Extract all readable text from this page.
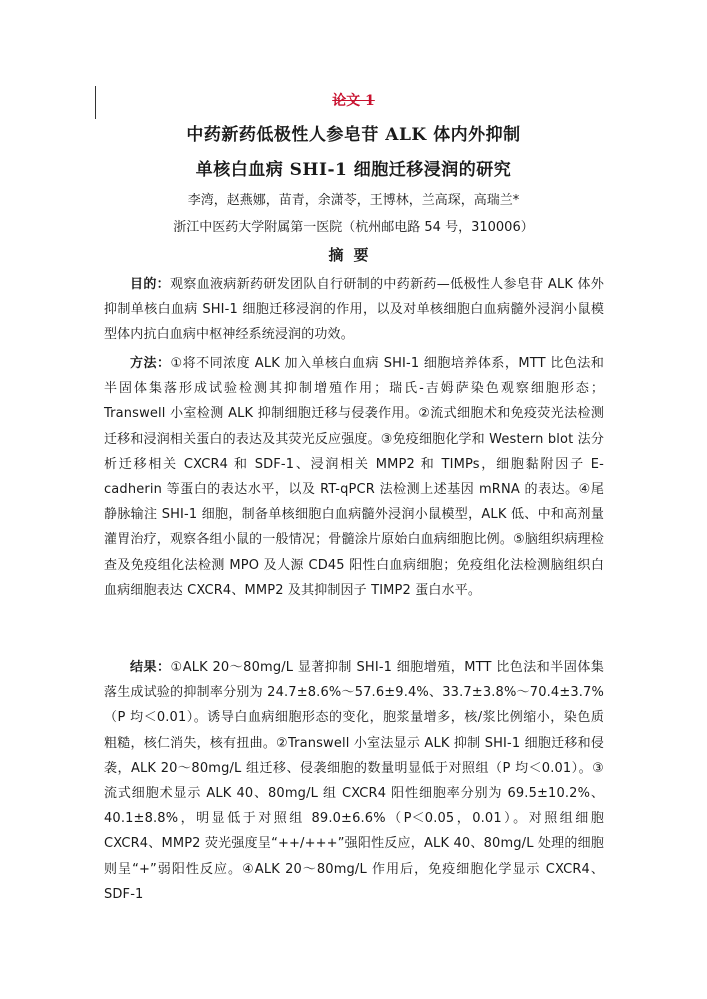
论文 1
中药新药低极性人参皂苷 ALK 体内外抑制
单核白血病 SHI-1 细胞迁移浸润的研究
李湾，赵燕娜，苗青，余潇苓，王博林，兰高琛，高瑞兰*
浙江中医药大学附属第一医院（杭州邮电路 54 号，310006）
摘要
目的：观察血液病新药研发团队自行研制的中药新药—低极性人参皂苷 ALK 体外抑制单核白血病 SHI-1 细胞迁移浸润的作用，以及对单核细胞白血病髓外浸润小鼠模型体内抗白血病中枢神经系统浸润的功效。
方法：①将不同浓度 ALK 加入单核白血病 SHI-1 细胞培养体系，MTT 比色法和半固体集落形成试验检测其抑制增殖作用；瑞氏-吉姆萨染色观察细胞形态；Transwell 小室检测 ALK 抑制细胞迁移与侵袭作用。②流式细胞术和免疫荧光法检测迁移和浸润相关蛋白的表达及其荧光反应强度。③免疫细胞化学和 Western blot 法分析迁移相关 CXCR4 和 SDF-1、浸润相关 MMP2 和 TIMPs，细胞黏附因子 E-cadherin 等蛋白的表达水平，以及 RT-qPCR 法检测上述基因 mRNA 的表达。④尾静脉输注 SHI-1 细胞，制备单核细胞白血病髓外浸润小鼠模型，ALK 低、中和高剂量灌胃治疗，观察各组小鼠的一般情况；骨髓涂片原始白血病细胞比例。⑤脑组织病理检查及免疫组化法检测 MPO 及人源 CD45 阳性白血病细胞；免疫组化法检测脑组织白血病细胞表达 CXCR4、MMP2 及其抑制因子 TIMP2 蛋白水平。
结果：①ALK 20～80mg/L 显著抑制 SHI-1 细胞增殖，MTT 比色法和半固体集落生成试验的抑制率分别为 24.7±8.6%～57.6±9.4%、33.7±3.8%～70.4±3.7%（P 均＜0.01）。诱导白血病细胞形态的变化，胞浆量增多，核/浆比例缩小，染色质粗糙，核仁消失，核有扭曲。②Transwell 小室法显示 ALK 抑制 SHI-1 细胞迁移和侵袭，ALK 20～80mg/L 组迁移、侵袭细胞的数量明显低于对照组（P 均＜0.01）。③流式细胞术显示 ALK 40、80mg/L 组 CXCR4 阳性细胞率分别为 69.5±10.2%、40.1±8.8%，明显低于对照组 89.0±6.6%（P＜0.05，0.01）。对照组细胞 CXCR4、MMP2 荧光强度呈“++/+++”强阳性反应，ALK 40、80mg/L 处理的细胞则呈“+”弱阳性反应。④ALK 20～80mg/L 作用后，免疫细胞化学显示 CXCR4、SDF-1
